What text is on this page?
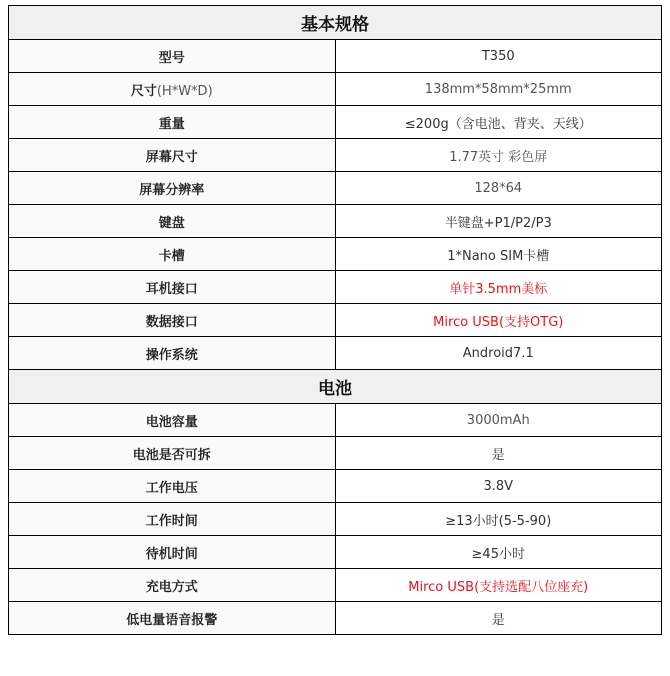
基本规格	
型号	T350
尺寸(H*W*D)	138mm*58mm*25mm
重量	≤200g（含电池、背夹、天线）
屏幕尺寸	1.77英寸 彩色屏
屏幕分辨率	128*64
键盘	半键盘+P1/P2/P3
卡槽	1*Nano SIM卡槽
耳机接口	单针3.5mm美标
数据接口	Mirco USB(支持OTG)
操作系统	Android7.1
电池	
电池容量	3000mAh
电池是否可拆	是
工作电压	3.8V
工作时间	≥13小时(5-5-90)
待机时间	≥45小时
充电方式	Mirco USB(支持选配八位座充)
低电量语音报警	是
